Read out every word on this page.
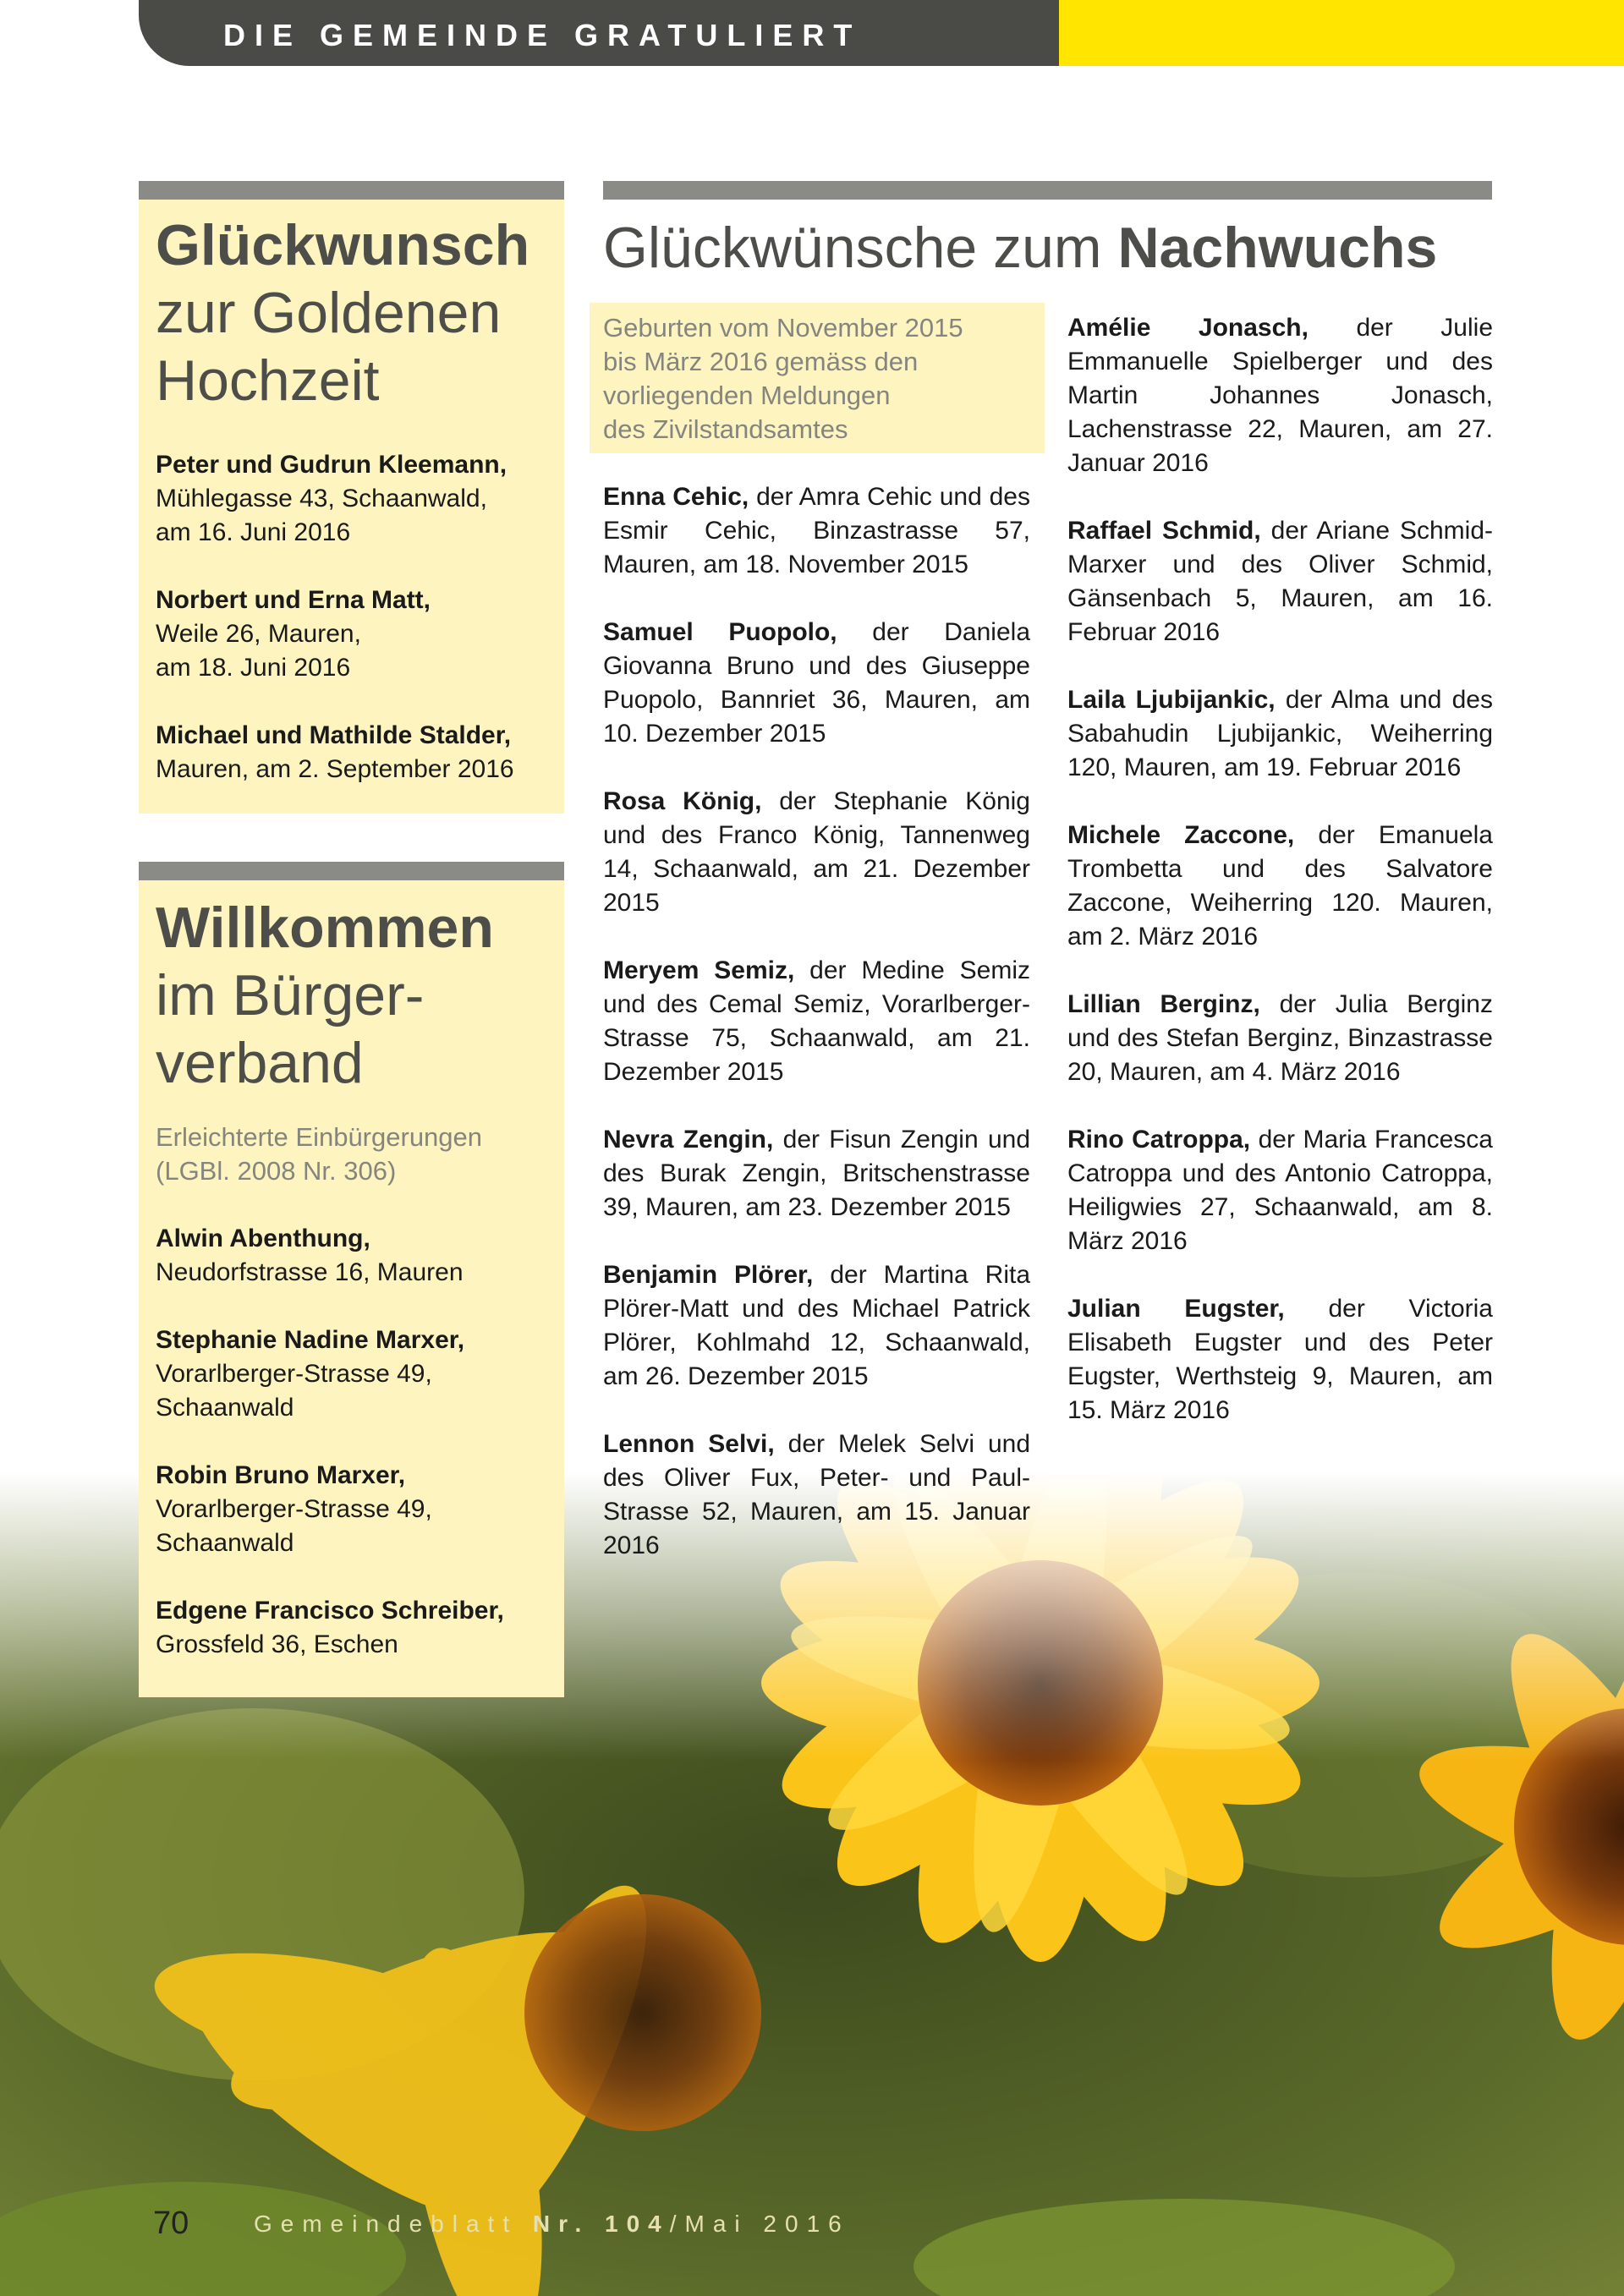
DIE GEMEINDE GRATULIERT

Glückwunsch

zur Goldenen

Hochzeit

Peter und Gudrun Kleemann,
Mühlegasse 43, Schaanwald,
am 16. Juni 2016
Norbert und Erna Matt,
Weile 26, Mauren,
am 18. Juni 2016
Michael und Mathilde Stalder,
Mauren, am 2. September 2016

Willkommen

im Bürger-

verband

Erleichterte Einbürgerungen

(LGBl. 2008 Nr. 306)

Alwin Abenthung,
Neudorfstrasse 16, Mauren
Stephanie Nadine Marxer,
Vorarlberger-Strasse 49,
Schaanwald
Robin Bruno Marxer,
Vorarlberger-Strasse 49,
Schaanwald
Edgene Francisco Schreiber,
Grossfeld 36, Eschen
Glückwünsche zum Nachwuchs

Geburten vom November 2015

bis März 2016 gemäss den

vorliegenden Meldungen

des Zivilstandsamtes

Enna Cehic, der Amra Cehic und des Esmir Cehic, Binzastrasse 57, Mauren, am 18. November 2015

Samuel Puopolo, der Daniela Giovanna Bruno und des Giuseppe Puopolo, Bannriet 36, Mauren, am 10. Dezember 2015

Rosa König, der Stephanie König und des Franco König, Tannenweg 14, Schaanwald, am 21. Dezember 2015

Meryem Semiz, der Medine Semiz und des Cemal Semiz, Vorarlberger-Strasse 75, Schaanwald, am 21. Dezember 2015

Nevra Zengin, der Fisun Zengin und des Burak Zengin, Britschenstrasse 39, Mauren, am 23. Dezember 2015

Benjamin Plörer, der Martina Rita Plörer-Matt und des Michael Patrick Plörer, Kohlmahd 12, Schaanwald, am 26. Dezember 2015

Lennon Selvi, der Melek Selvi und des Oliver Fux, Peter- und Paul-Strasse 52, Mauren, am 15. Januar 2016

Amélie Jonasch, der Julie Emmanuelle Spielberger und des Martin Johannes Jonasch, Lachenstrasse 22, Mauren, am 27. Januar 2016

Raffael Schmid, der Ariane Schmid-Marxer und des Oliver Schmid, Gänsenbach 5, Mauren, am 16. Februar 2016

Laila Ljubijankic, der Alma und des Sabahudin Ljubijankic, Weiherring 120, Mauren, am 19. Februar 2016

Michele Zaccone, der Emanuela Trombetta und des Salvatore Zaccone, Weiherring 120. Mauren, am 2. März 2016

Lillian Berginz, der Julia Berginz und des Stefan Berginz, Binzastrasse 20, Mauren, am 4. März 2016

Rino Catroppa, der Maria Francesca Catroppa und des Antonio Catroppa, Heiligwies 27, Schaanwald, am 8. März 2016

Julian Eugster, der Victoria Elisabeth Eugster und des Peter Eugster, Werthsteig 9, Mauren, am 15. März 2016

70	Gemeindeblatt Nr. 104/Mai 2016
